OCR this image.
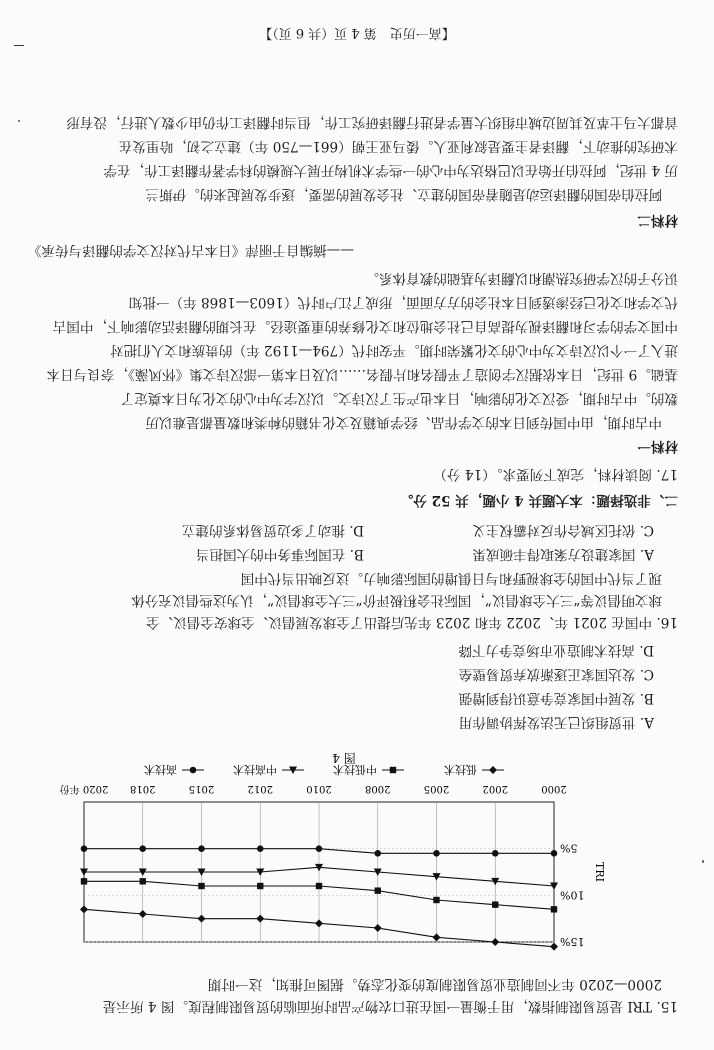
15. TRI 是贸易限制指数，用于衡量一国在进口农物产品时所面临的贸易限制程度。图 4 所示是
2000—2020 年不同制造业贸易限制度的变化态势。据图可推知，这一时期
15%
10%
5%
TRI
2000
2002
2005
2008
2010
2012
2015
2018
2020 年份
低技术
中低技术
中高技术
高技术
图 4
A. 世贸组织已无法发挥协调作用
B. 发展中国家竞争意识得到增强
C. 发达国家正逐渐放弃贸易壁垒
D. 高技术制造业市场竞争力下降
16. 中国在 2021 年、2022 年和 2023 年先后提出了全球发展倡议、全球安全倡议、全
球文明倡议等“三大全球倡议”，国际社会积极评价“三大全球倡议”，认为这些倡议充分体
现了当代中国的全球视野和与日俱增的国际影响力。这反映出当代中国
A. 国家建设方案取得丰硕成果
B. 在国际事务中的大国担当
C. 依托区域合作反对霸权主义
D. 推动了多边贸易体系的建立
二、非选择题：本大题共 4 小题，共 52 分。
17. 阅读材料，完成下列要求。（14 分）
材料一
中古时期，由中国传到日本的文学作品、经学典籍及文化书籍的种类和数量都是难以历
数的。中古时期，受汉文化的影响，日本也产生了汉诗文。以汉字为中心的文化为日本奠定了
基础。9 世纪，日本依据汉字创造了平假名和片假名……以及日本第一部汉诗文集《怀风藻》，奈良与日本
进入了一个以汉诗文为中心的文化繁荣时期。平安时代（794—1192 年）的贵族和文人们把对
中国文学的学习和翻译视为提高自己社会地位和文化修养的重要途径。在长期的翻译活动影响下，中国古
代文学和文化已经渗透到日本社会的方方面面，形成了江户时代（1603—1868 年）一批知
识分子的汉学研究热潮和以翻译为基础的教育体系。
——摘编自于丽萍《日本古代对汉文学的翻译与传承》
材料二
阿拉伯帝国的翻译运动是随着帝国的建立、社会发展的需要，逐步发展起来的。伊斯兰
历 4 世纪，阿拉伯开始在以巴格达为中心的一些学术机构开展大规模的科学著作翻译工作，在学
术研究的推动下，翻译者主要是叙利亚人。倭马亚王朝（661—750 年）建立之初，哈里发在
首都大马士革及其周边城市组织大量学者进行翻译研究工作，但当时翻译工作仍由少数人进行，没有形
【高一历史　第 4 页（共 6 页）】
